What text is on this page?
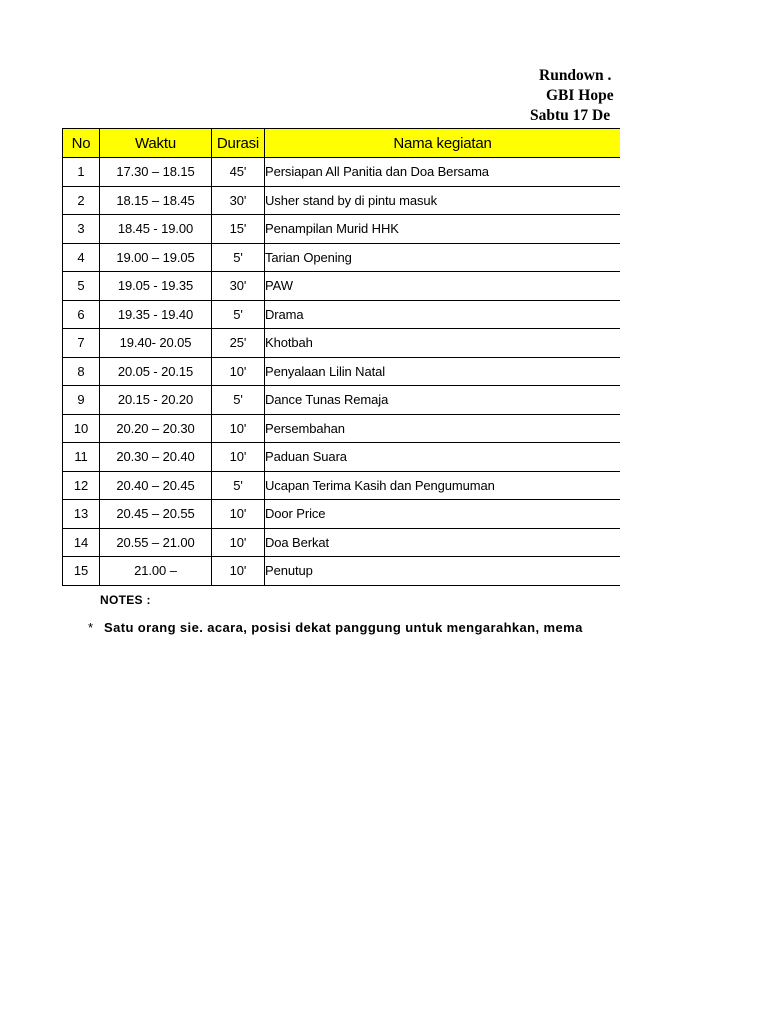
Rundown .
GBI Hope
Sabtu 17 De
No	Waktu	Durasi	Nama kegiatan
1	17.30 – 18.15	45'	Persiapan All Panitia dan Doa Bersama
2	18.15 – 18.45	30'	Usher stand by di pintu masuk
3	18.45 - 19.00	15'	Penampilan Murid HHK
4	19.00 – 19.05	5'	Tarian Opening
5	19.05 - 19.35	30'	PAW
6	19.35 - 19.40	5'	Drama
7	19.40- 20.05	25'	Khotbah
8	20.05 - 20.15	10'	Penyalaan Lilin Natal
9	20.15 - 20.20	5'	Dance Tunas Remaja
10	20.20 – 20.30	10'	Persembahan
11	20.30 – 20.40	10'	Paduan Suara
12	20.40 – 20.45	5'	Ucapan Terima Kasih dan Pengumuman
13	20.45 – 20.55	10'	Door Price
14	20.55 – 21.00	10'	Doa Berkat
15	21.00 –	10'	Penutup
NOTES :
* Satu orang sie. acara, posisi dekat panggung untuk mengarahkan, mema
